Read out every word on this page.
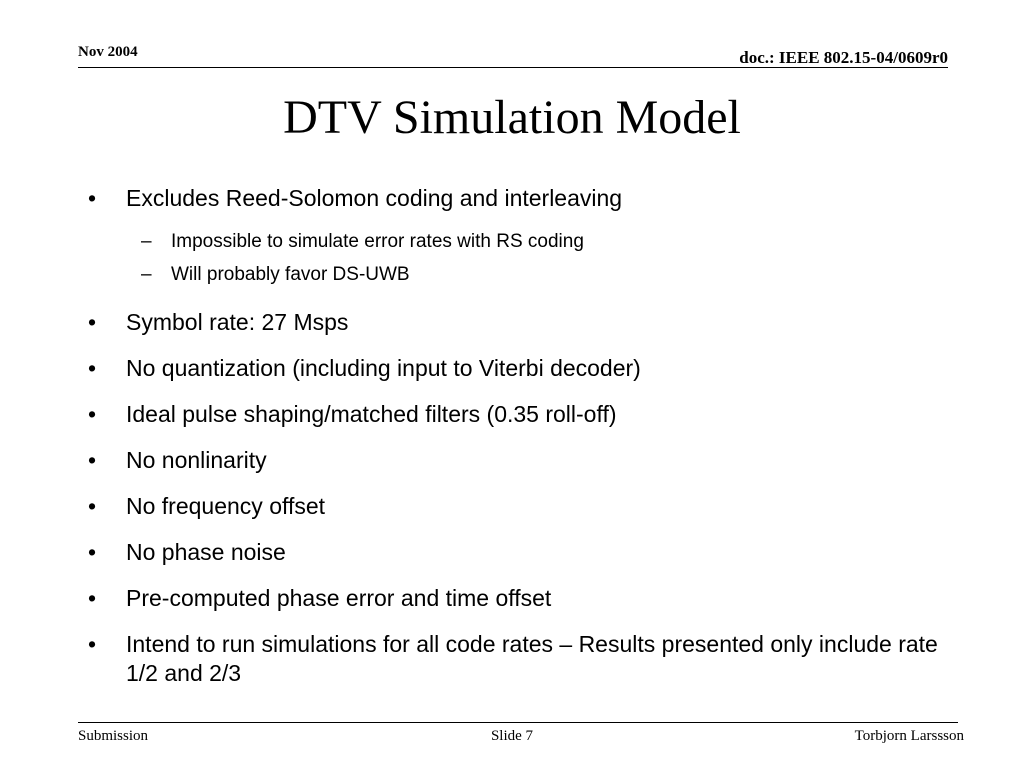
Nov 2004	doc.: IEEE 802.15-04/0609r0
DTV Simulation Model
•	Excludes Reed-Solomon coding and interleaving
– Impossible to simulate error rates with RS coding
– Will probably favor DS-UWB
•	Symbol rate: 27 Msps
•	No quantization (including input to Viterbi decoder)
•	Ideal pulse shaping/matched filters (0.35 roll-off)
•	No nonlinarity
•	No frequency offset
•	No phase noise
•	Pre-computed phase error and time offset
•	Intend to run simulations for all code rates – Results presented only include rate 1/2 and 2/3
Submission	Slide 7	Torbjorn Larssson
